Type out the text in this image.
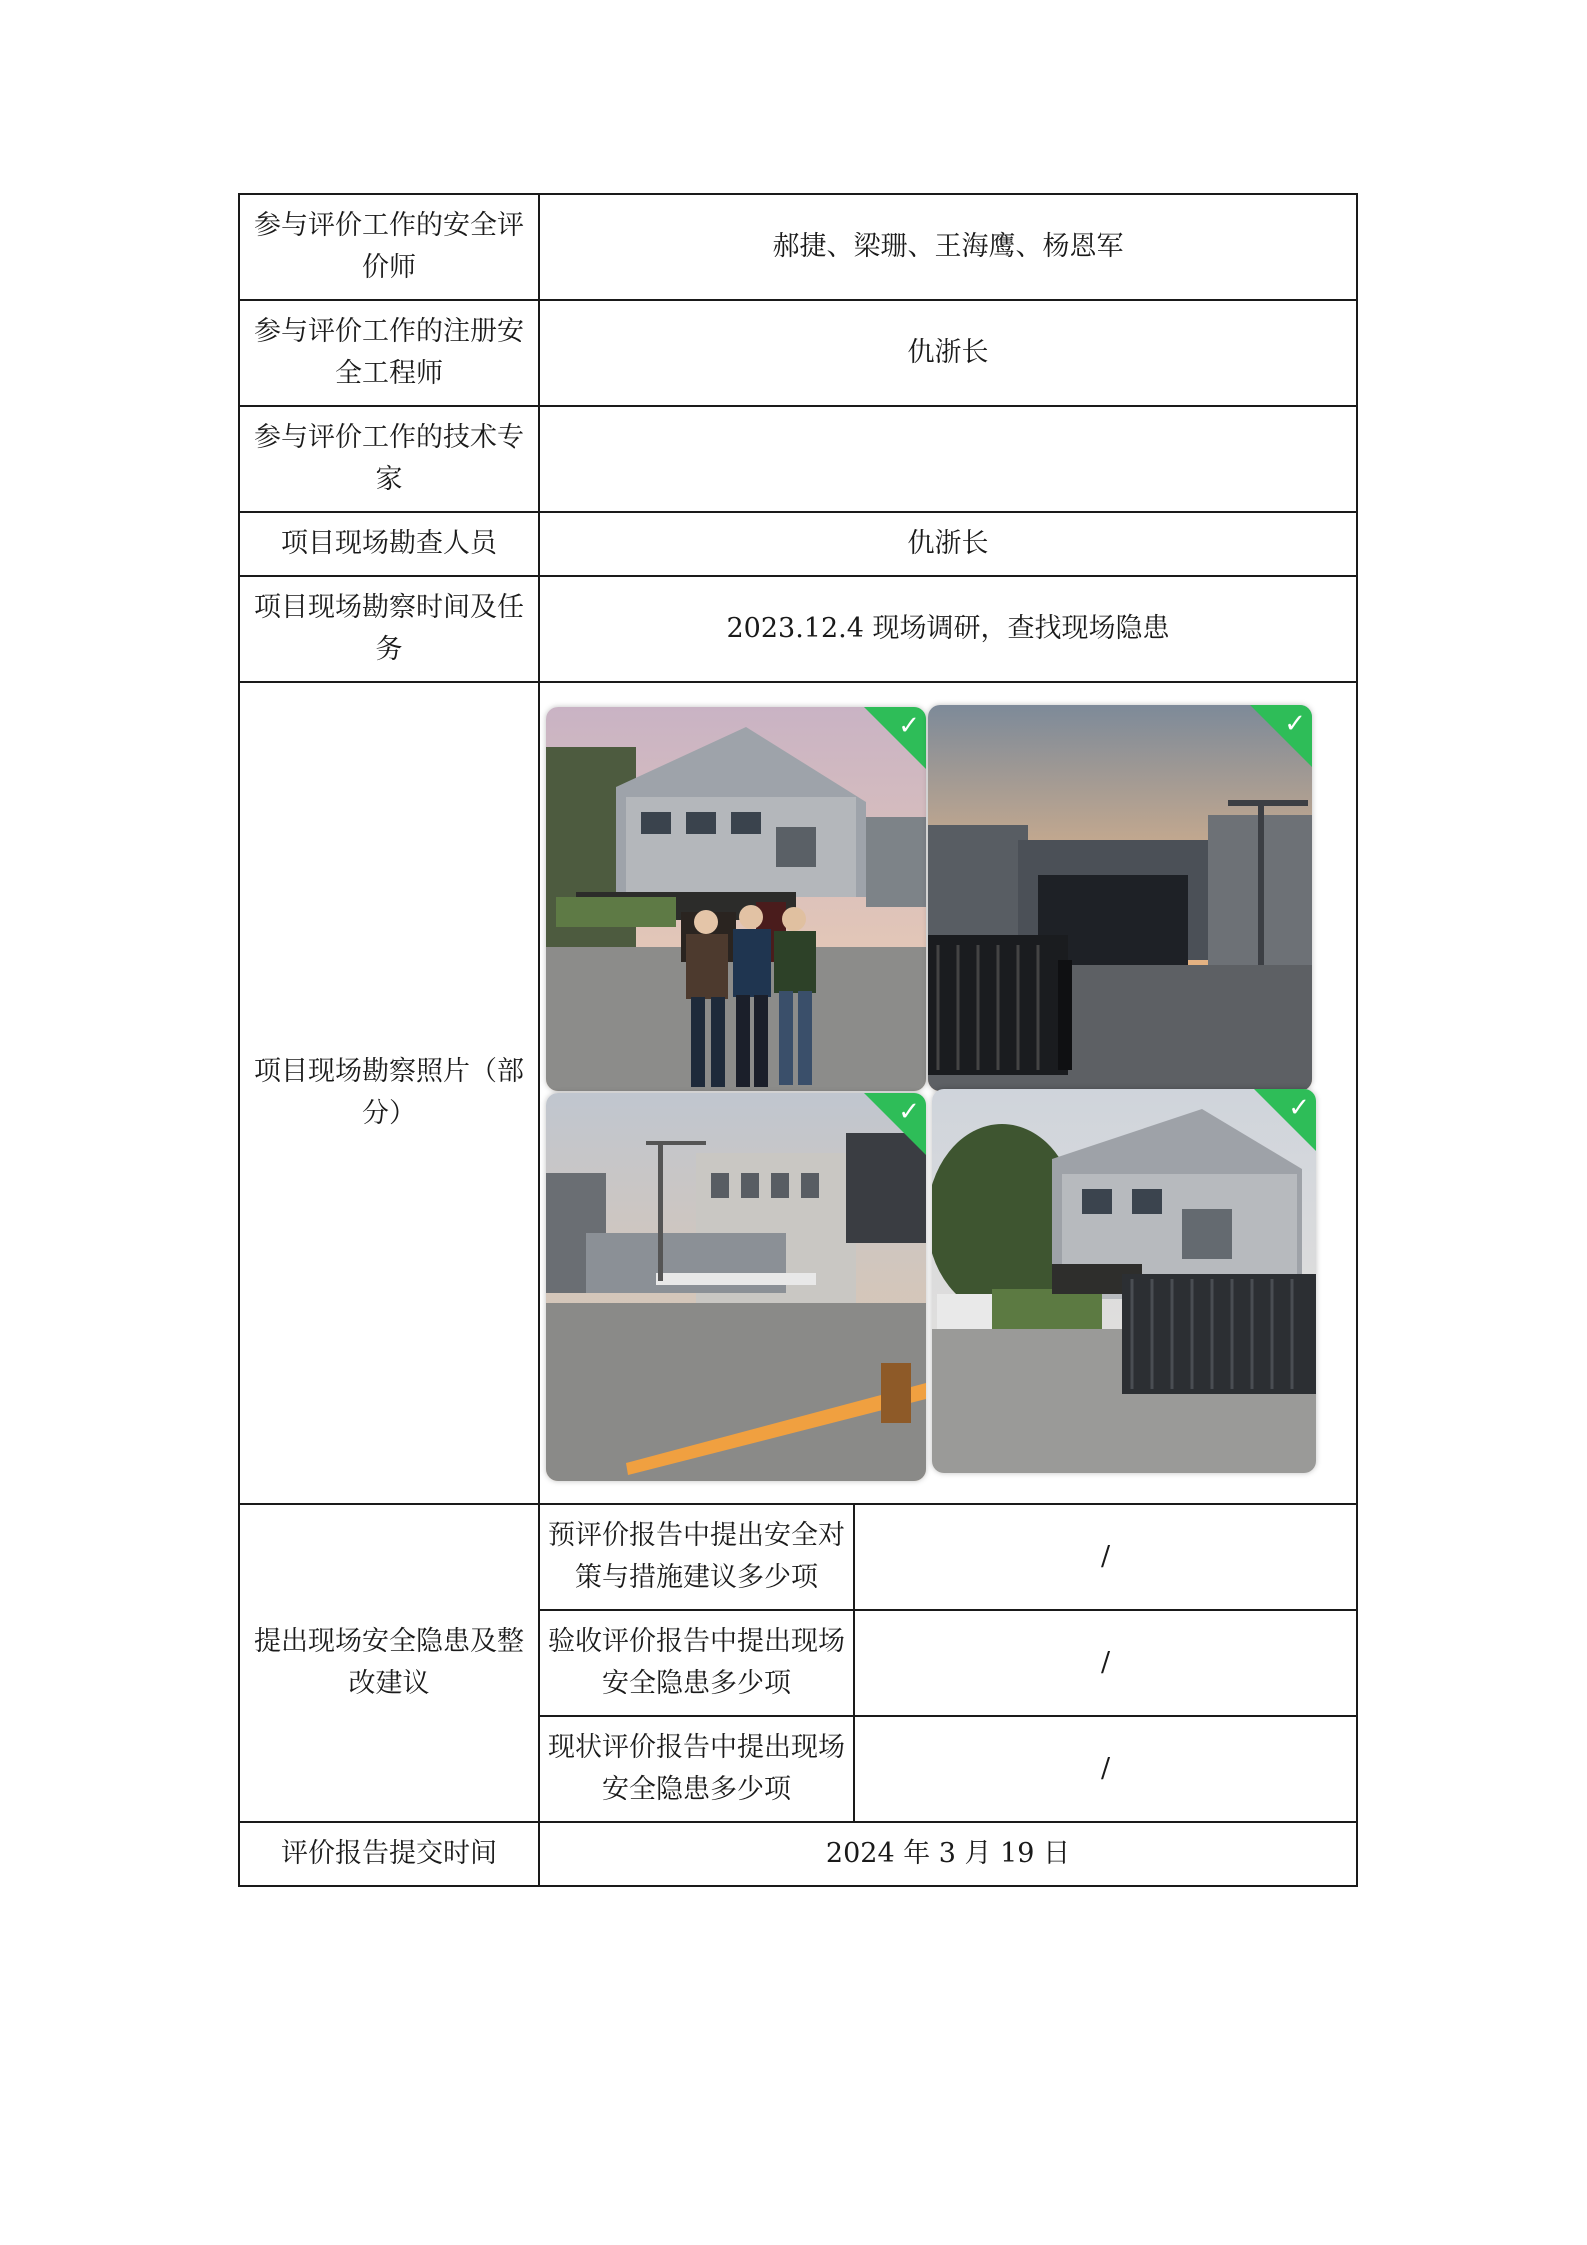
参与评价工作的安全评价师	郝捷、梁珊、王海鹰、杨恩军	
参与评价工作的注册安全工程师	仇浙长	
参与评价工作的技术专家		
项目现场勘查人员	仇浙长	
项目现场勘察时间及任务	2023.12.4 现场调研，查找现场隐患	
项目现场勘察照片（部分）	✓ ✓
✓ ✓	

提出现场安全隐患及整改建议	预评价报告中提出安全对策与措施建议多少项	/
	验收评价报告中提出现场安全隐患多少项	/
	现状评价报告中提出现场安全隐患多少项	/
评价报告提交时间	2024 年 3 月 19 日	
